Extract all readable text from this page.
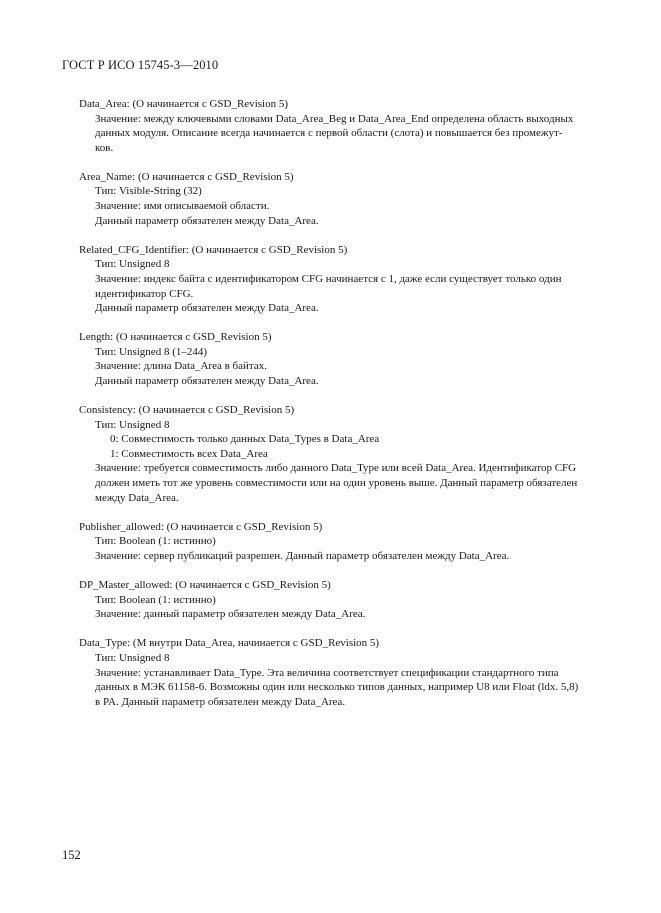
ГОСТ Р ИСО 15745-3—2010
Data_Area: (О начинается с GSD_Revision 5)
Значение: между ключевыми словами Data_Area_Beg и Data_Area_End определена область выходных
данных модуля. Описание всегда начинается с первой области (слота) и повышается без промежут-
ков.
Area_Name: (О начинается с GSD_Revision 5)
Тип: Visible-String (32)
Значение: имя описываемой области.
Данный параметр обязателен между Data_Area.
Related_CFG_Identifier: (О начинается с GSD_Revision 5)
Тип: Unsigned 8
Значение: индекс байта с идентификатором CFG начинается с 1, даже если существует только один
идентификатор CFG.
Данный параметр обязателен между Data_Area.
Length: (О начинается с GSD_Revision 5)
Тип: Unsigned 8 (1–244)
Значение: длина Data_Area в байтах.
Данный параметр обязателен между Data_Area.
Consistency: (О начинается с GSD_Revision 5)
Тип: Unsigned 8
0: Совместимость только данных Data_Types в Data_Area
1: Совместимость всех Data_Area
Значение: требуется совместимость либо данного Data_Type или всей Data_Area. Идентификатор CFG
должен иметь тот же уровень совместимости или на один уровень выше. Данный параметр обязателен
между Data_Area.
Publisher_allowed: (О начинается с GSD_Revision 5)
Тип: Boolean (1: истинно)
Значение: сервер публикаций разрешен. Данный параметр обязателен между Data_Area.
DP_Master_allowed: (О начинается с GSD_Revision 5)
Тип: Boolean (1: истинно)
Значение: данный параметр обязателен между Data_Area.
Data_Type: (М внутри Data_Area, начинается с GSD_Revision 5)
Тип: Unsigned 8
Значение: устанавливает Data_Type. Эта величина соответствует спецификации стандартного типа
данных в МЭК 61158-6. Возможны один или несколько типов данных, например U8 или Float (ldx. 5,8)
в PA. Данный параметр обязателен между Data_Area.
152
